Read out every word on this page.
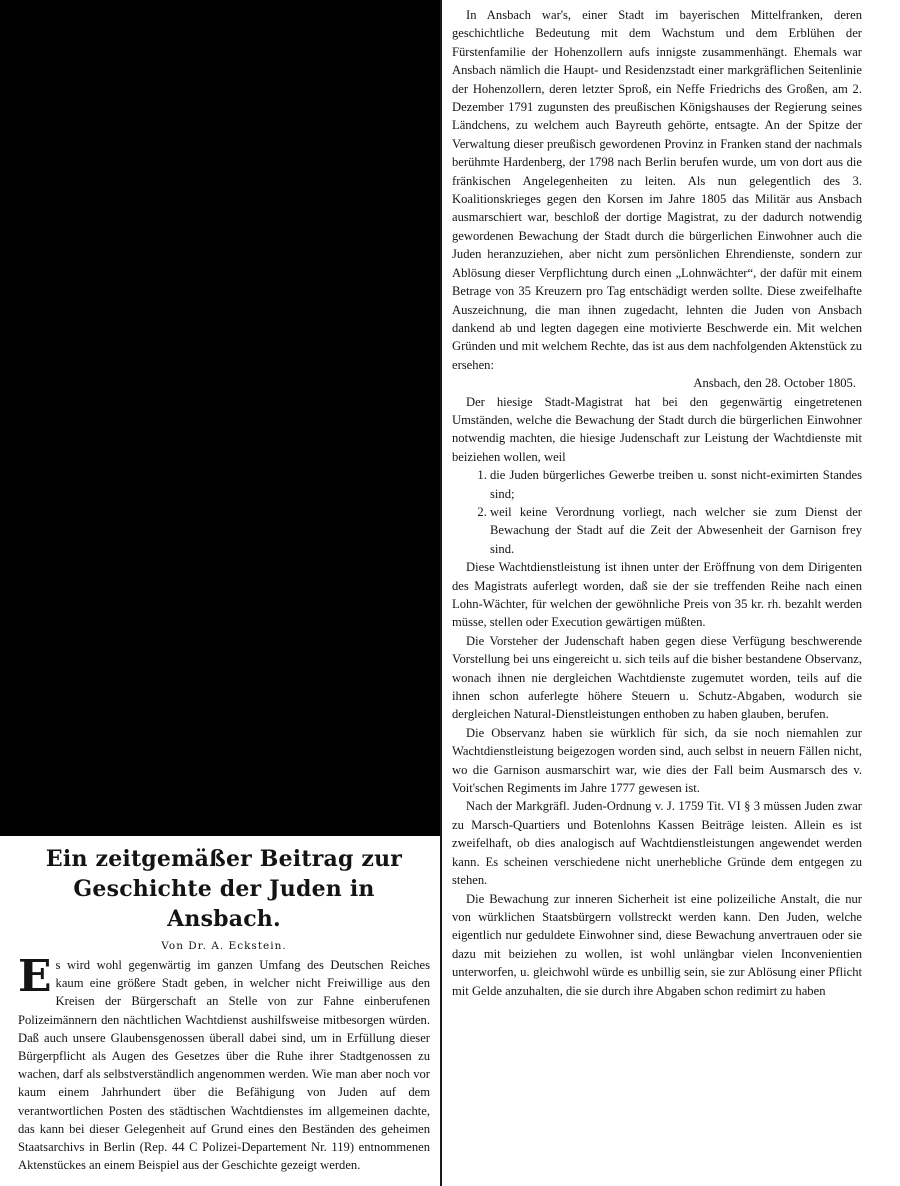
Ein zeitgemäßer Beitrag zur Geschichte der Juden in Ansbach.
Von Dr. A. Eckstein.

E s wird wohl gegenwärtig im ganzen Umfang des Deutschen Reiches kaum eine größere Stadt geben, in welcher nicht Freiwillige aus den Kreisen der Bürgerschaft an Stelle von zur Fahne einberufenen Polizeimännern den nächtlichen Wachtdienst aushilfsweise mitbesorgen würden. Daß auch unsere Glaubensgenossen überall dabei sind, um in Erfüllung dieser Bürgerpflicht als Augen des Gesetzes über die Ruhe ihrer Stadtgenossen zu wachen, darf als selbstverständlich angenommen werden. Wie man aber noch vor kaum einem Jahrhundert über die Befähigung von Juden auf dem verantwortlichen Posten des städtischen Wachtdienstes im allgemeinen dachte, das kann bei dieser Gelegenheit auf Grund eines den Beständen des geheimen Staatsarchivs in Berlin (Rep. 44 C Polizei-Departement Nr. 119) entnommenen Aktenstückes an einem Beispiel aus der Geschichte gezeigt werden.

In Ansbach war's, einer Stadt im bayerischen Mittelfranken, deren geschichtliche Bedeutung mit dem Wachstum und dem Erblühen der Fürstenfamilie der Hohenzollern aufs innigste zusammenhängt. Ehemals war Ansbach nämlich die Haupt- und Residenzstadt einer markgräflichen Seitenlinie der Hohenzollern, deren letzter Sproß, ein Neffe Friedrichs des Großen, am 2. Dezember 1791 zugunsten des preußischen Königshauses der Regierung seines Ländchens, zu welchem auch Bayreuth gehörte, entsagte. An der Spitze der Verwaltung dieser preußisch gewordenen Provinz in Franken stand der nachmals berühmte Hardenberg, der 1798 nach Berlin berufen wurde, um von dort aus die fränkischen Angelegenheiten zu leiten. Als nun gelegentlich des 3. Koalitionskrieges gegen den Korsen im Jahre 1805 das Militär aus Ansbach ausmarschiert war, beschloß der dortige Magistrat, zu der dadurch notwendig gewordenen Bewachung der Stadt durch die bürgerlichen Einwohner auch die Juden heranzuziehen, aber nicht zum persönlichen Ehrendienste, sondern zur Ablösung dieser Verpflichtung durch einen „Lohnwächter“, der dafür mit einem Betrage von 35 Kreuzern pro Tag entschädigt werden sollte. Diese zweifelhafte Auszeichnung, die man ihnen zugedacht, lehnten die Juden von Ansbach dankend ab und legten dagegen eine motivierte Beschwerde ein. Mit welchen Gründen und mit welchem Rechte, das ist aus dem nachfolgenden Aktenstück zu ersehen:

Ansbach, den 28. October 1805.

Der hiesige Stadt-Magistrat hat bei den gegenwärtig eingetretenen Umständen, welche die Bewachung der Stadt durch die bürgerlichen Einwohner notwendig machten, die hiesige Judenschaft zur Leistung der Wachtdienste mit beiziehen wollen, weil

1. die Juden bürgerliches Gewerbe treiben u. sonst nicht-eximirten Standes sind;
2. weil keine Verordnung vorliegt, nach welcher sie zum Dienst der Bewachung der Stadt auf die Zeit der Abwesenheit der Garnison frey sind.

Diese Wachtdienstleistung ist ihnen unter der Eröffnung von dem Dirigenten des Magistrats auferlegt worden, daß sie der sie treffenden Reihe nach einen Lohn-Wächter, für welchen der gewöhnliche Preis von 35 kr. rh. bezahlt werden müsse, stellen oder Execution gewärtigen müßten.

Die Vorsteher der Judenschaft haben gegen diese Verfügung beschwerende Vorstellung bei uns eingereicht u. sich teils auf die bisher bestandene Observanz, wonach ihnen nie dergleichen Wachtdienste zugemutet worden, teils auf die ihnen schon auferlegte höhere Steuern u. Schutz-Abgaben, wodurch sie dergleichen Natural-Dienstleistungen enthoben zu haben glauben, berufen.

Die Observanz haben sie würklich für sich, da sie noch niemahlen zur Wachtdienstleistung beigezogen worden sind, auch selbst in neuern Fällen nicht, wo die Garnison ausmarschirt war, wie dies der Fall beim Ausmarsch des v. Voit'schen Regiments im Jahre 1777 gewesen ist.

Nach der Markgräfl. Juden-Ordnung v. J. 1759 Tit. VI § 3 müssen Juden zwar zu Marsch-Quartiers und Botenlohns Kassen Beiträge leisten. Allein es ist zweifelhaft, ob dies analogisch auf Wachtdienstleistungen angewendet werden kann. Es scheinen verschiedene nicht unerhebliche Gründe dem entgegen zu stehen.

Die Bewachung zur inneren Sicherheit ist eine polizeiliche Anstalt, die nur von würklichen Staatsbürgern vollstreckt werden kann. Den Juden, welche eigentlich nur geduldete Einwohner sind, diese Bewachung anvertrauen oder sie dazu mit beiziehen zu wollen, ist wohl unlängbar vielen Inconvenientien unterworfen, u. gleichwohl würde es unbillig sein, sie zur Ablösung einer Pflicht mit Gelde anzuhalten, die sie durch ihre Abgaben schon redimirt zu haben
